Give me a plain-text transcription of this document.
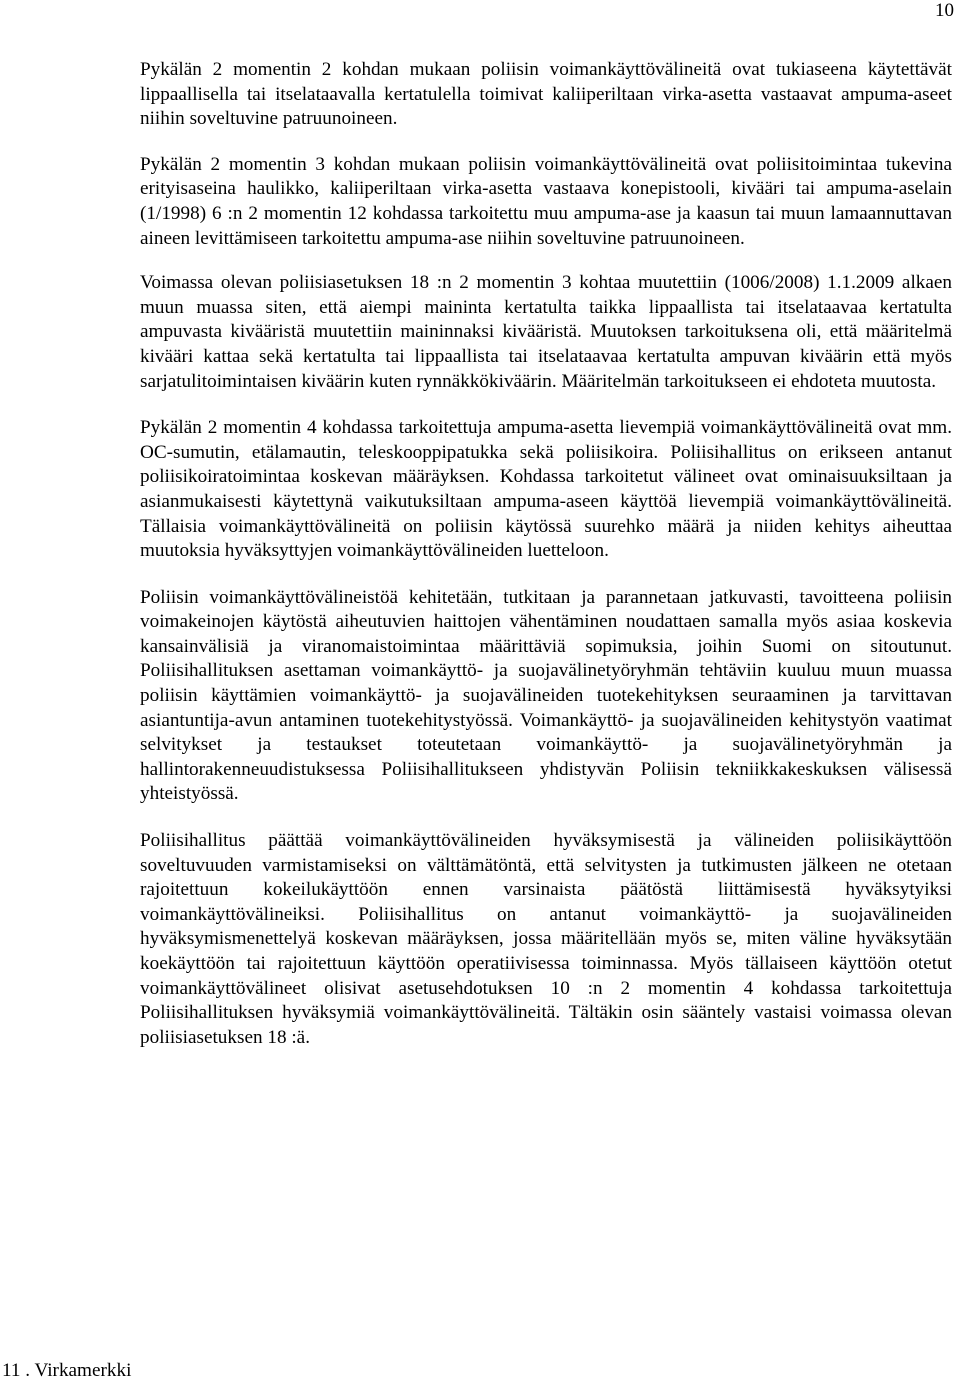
10

Pykälän 2 momentin 2 kohdan mukaan poliisin voimankäyttövälineitä ovat tukiaseena käytettävät lippaallisella tai itselataavalla kertatulella toimivat kaliiperiltaan virka-asetta vastaavat ampuma-aseet niihin soveltuvine patruunoineen.

Pykälän 2 momentin 3 kohdan mukaan poliisin voimankäyttövälineitä ovat poliisitoimintaa tukevina erityisaseina haulikko, kaliiperiltaan virka-asetta vastaava konepistooli, kivääri tai ampuma-aselain (1/1998) 6 :n 2 momentin 12 kohdassa tarkoitettu muu ampuma-ase ja kaasun tai muun lamaannuttavan aineen levittämiseen tarkoitettu ampuma-ase niihin soveltuvine patruunoineen.

Voimassa olevan poliisiasetuksen 18 :n 2 momentin 3 kohtaa muutettiin (1006/2008) 1.1.2009 alkaen muun muassa siten, että aiempi maininta kertatulta taikka lippaallista tai itselataavaa kertatulta ampuvasta kivääristä muutettiin maininnaksi kivääristä. Muutoksen tarkoituksena oli, että määritelmä kivääri kattaa sekä kertatulta tai lippaallista tai itselataavaa kertatulta ampuvan kiväärin että myös sarjatulitoimintaisen kiväärin kuten rynnäkkökiväärin. Määritelmän tarkoitukseen ei ehdoteta muutosta.

Pykälän 2 momentin 4 kohdassa tarkoitettuja ampuma-asetta lievempiä voimankäyttövälineitä ovat mm. OC-sumutin, etälamautin, teleskooppipatukka sekä poliisikoira. Poliisihallitus on erikseen antanut poliisikoiratoimintaa koskevan määräyksen. Kohdassa tarkoitetut välineet ovat ominaisuuksiltaan ja asianmukaisesti käytettynä vaikutuksiltaan ampuma-aseen käyttöä lievempiä voimankäyttövälineitä. Tällaisia voimankäyttövälineitä on poliisin käytössä suurehko määrä ja niiden kehitys aiheuttaa muutoksia hyväksyttyjen voimankäyttövälineiden luetteloon.

Poliisin voimankäyttövälineistöä kehitetään, tutkitaan ja parannetaan jatkuvasti, tavoitteena poliisin voimakeinojen käytöstä aiheutuvien haittojen vähentäminen noudattaen samalla myös asiaa koskevia kansainvälisiä ja viranomaistoimintaa määrittäviä sopimuksia, joihin Suomi on sitoutunut. Poliisihallituksen asettaman voimankäyttö- ja suojavälinetyöryhmän tehtäviin kuuluu muun muassa poliisin käyttämien voimankäyttö- ja suojavälineiden tuotekehityksen seuraaminen ja tarvittavan asiantuntija-avun antaminen tuotekehitystyössä. Voimankäyttö- ja suojavälineiden kehitystyön vaatimat selvitykset ja testaukset toteutetaan voimankäyttö- ja suojavälinetyöryhmän ja hallintorakenneuudistuksessa Poliisihallitukseen yhdistyvän Poliisin tekniikkakeskuksen välisessä yhteistyössä.

Poliisihallitus päättää voimankäyttövälineiden hyväksymisestä ja välineiden poliisikäyttöön soveltuvuuden varmistamiseksi on välttämätöntä, että selvitysten ja tutkimusten jälkeen ne otetaan rajoitettuun kokeilukäyttöön ennen varsinaista päätöstä liittämisestä hyväksytyiksi voimankäyttövälineiksi. Poliisihallitus on antanut voimankäyttö- ja suojavälineiden hyväksymismenettelyä koskevan määräyksen, jossa määritellään myös se, miten väline hyväksytään koekäyttöön tai rajoitettuun käyttöön operatiivisessa toiminnassa. Myös tällaiseen käyttöön otetut voimankäyttövälineet olisivat asetusehdotuksen 10 :n 2 momentin 4 kohdassa tarkoitettuja Poliisihallituksen hyväksymiä voimankäyttövälineitä. Tältäkin osin sääntely vastaisi voimassa olevan poliisiasetuksen 18 :ä.

11 . Virkamerkki
